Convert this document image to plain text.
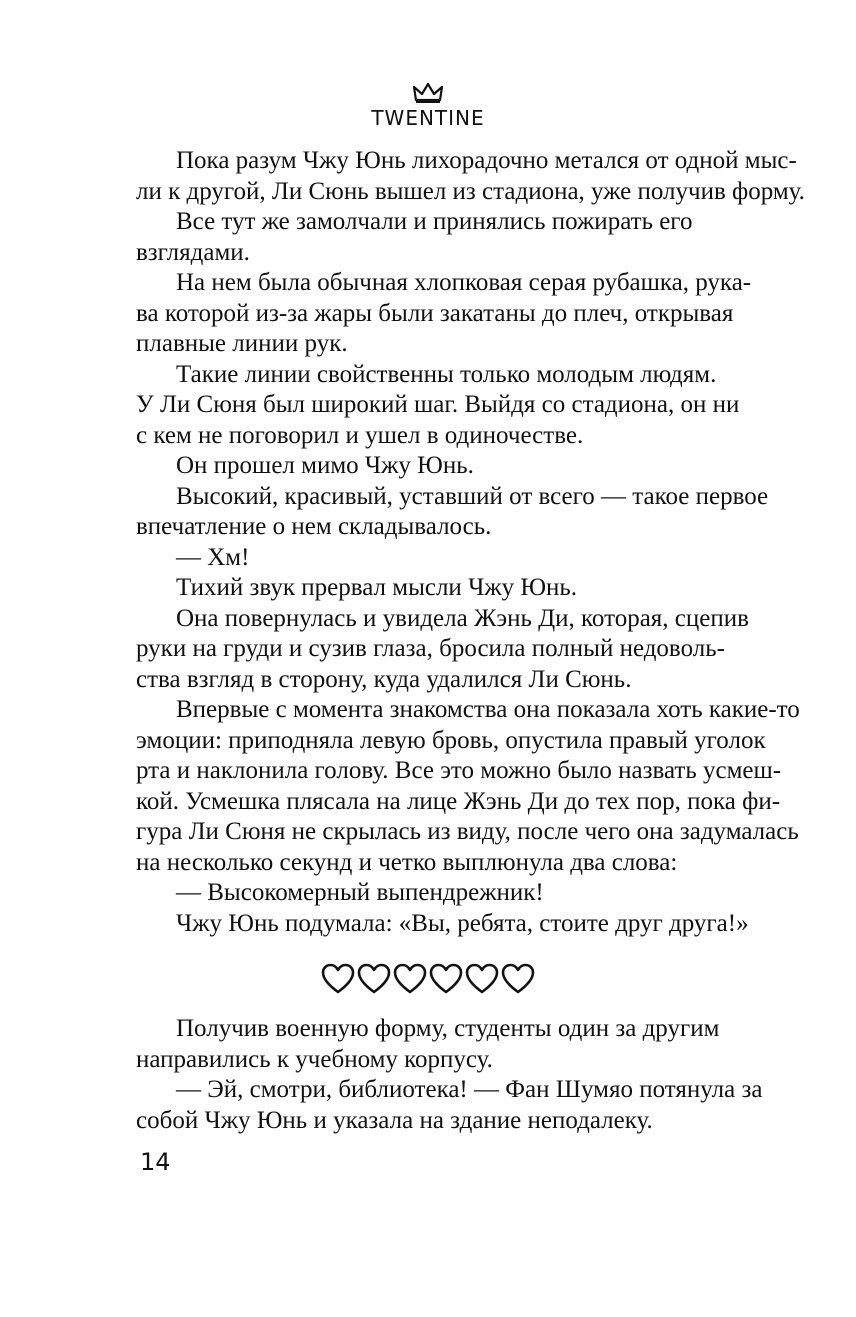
TWENTINE

Пока разум Чжу Юнь лихорадочно метался от одной мыс-
ли к другой, Ли Сюнь вышел из стадиона, уже получив форму.

Все тут же замолчали и принялись пожирать его
взглядами.

На нем была обычная хлопковая серая рубашка, рука-
ва которой из-за жары были закатаны до плеч, открывая
плавные линии рук.

Такие линии свойственны только молодым людям.
У Ли Сюня был широкий шаг. Выйдя со стадиона, он ни
с кем не поговорил и ушел в одиночестве.

Он прошел мимо Чжу Юнь.

Высокий, красивый, уставший от всего — такое первое
впечатление о нем складывалось.

— Хм!

Тихий звук прервал мысли Чжу Юнь.

Она повернулась и увидела Жэнь Ди, которая, сцепив
руки на груди и сузив глаза, бросила полный недоволь-
ства взгляд в сторону, куда удалился Ли Сюнь.

Впервые с момента знакомства она показала хоть какие-то
эмоции: приподняла левую бровь, опустила правый уголок
рта и наклонила голову. Все это можно было назвать усмеш-
кой. Усмешка плясала на лице Жэнь Ди до тех пор, пока фи-
гура Ли Сюня не скрылась из виду, после чего она задумалась
на несколько секунд и четко выплюнула два слова:

— Высокомерный выпендрежник!

Чжу Юнь подумала: «Вы, ребята, стоите друг друга!»

Получив военную форму, студенты один за другим
направились к учебному корпусу.

— Эй, смотри, библиотека! — Фан Шумяо потянула за
собой Чжу Юнь и указала на здание неподалеку.

14
